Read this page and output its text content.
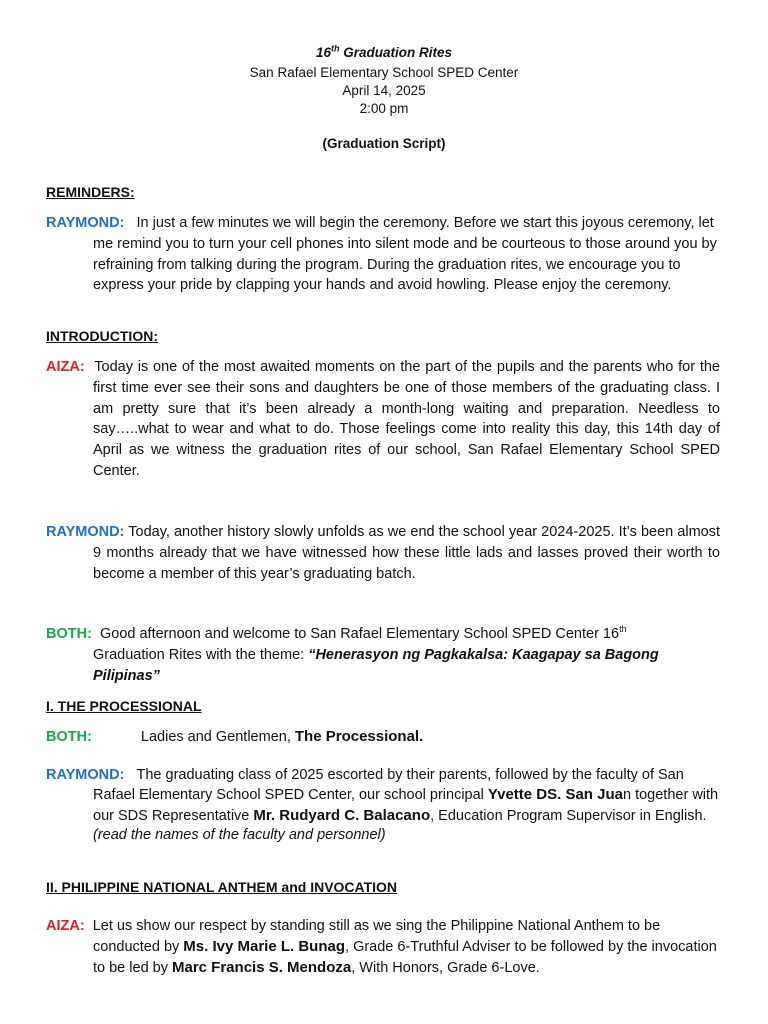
16th Graduation Rites
San Rafael Elementary School SPED Center
April 14, 2025
2:00 pm
(Graduation Script)
REMINDERS:
RAYMOND: In just a few minutes we will begin the ceremony. Before we start this joyous ceremony, let me remind you to turn your cell phones into silent mode and be courteous to those around you by refraining from talking during the program. During the graduation rites, we encourage you to express your pride by clapping your hands and avoid howling. Please enjoy the ceremony.
INTRODUCTION:
AIZA: Today is one of the most awaited moments on the part of the pupils and the parents who for the first time ever see their sons and daughters be one of those members of the graduating class. I am pretty sure that it’s been already a month-long waiting and preparation. Needless to say…..what to wear and what to do. Those feelings come into reality this day, this 14th day of April as we witness the graduation rites of our school, San Rafael Elementary School SPED Center.
RAYMOND: Today, another history slowly unfolds as we end the school year 2024-2025. It’s been almost 9 months already that we have witnessed how these little lads and lasses proved their worth to become a member of this year’s graduating batch.
BOTH: Good afternoon and welcome to San Rafael Elementary School SPED Center 16th Graduation Rites with the theme: “Henerasyon ng Pagkakalsa: Kaagapay sa Bagong Pilipinas”
I. THE PROCESSIONAL
BOTH:	Ladies and Gentlemen, The Processional.
RAYMOND: The graduating class of 2025 escorted by their parents, followed by the faculty of San Rafael Elementary School SPED Center, our school principal Yvette DS. San Juan together with our SDS Representative Mr. Rudyard C. Balacano, Education Program Supervisor in English.
(read the names of the faculty and personnel)
II. PHILIPPINE NATIONAL ANTHEM and INVOCATION
AIZA: Let us show our respect by standing still as we sing the Philippine National Anthem to be conducted by Ms. Ivy Marie L. Bunag, Grade 6-Truthful Adviser to be followed by the invocation to be led by Marc Francis S. Mendoza, With Honors, Grade 6-Love.
